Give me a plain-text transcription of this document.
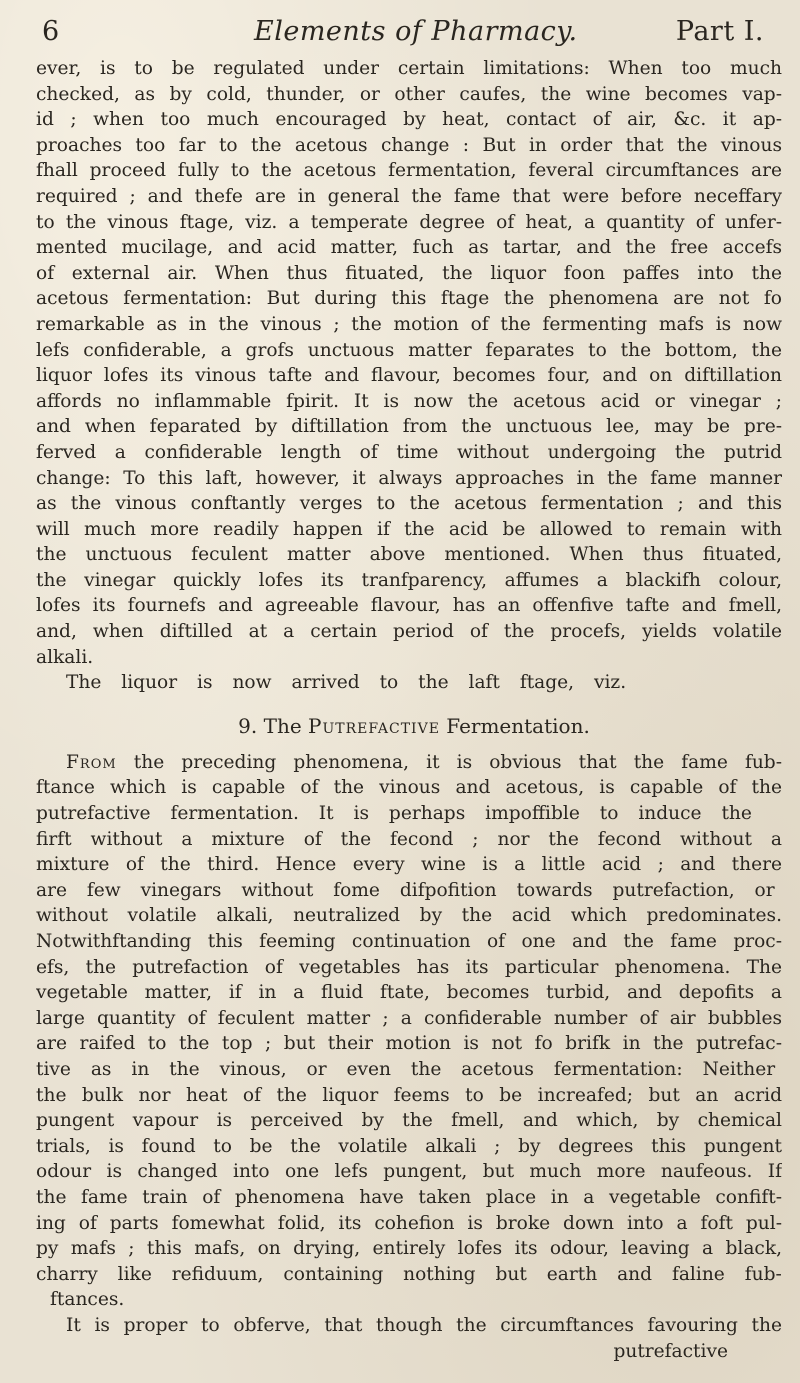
6	Elements of Pharmacy.	Part I.
ever, is to be regulated under certain limitations: When too much
checked, as by cold, thunder, or other caufes, the wine becomes vap-
id ; when too much encouraged by heat, contact of air, &c. it ap-
proaches too far to the acetous change : But in order that the vinous
fhall proceed fully to the acetous fermentation, feveral circumftances are
required ; and thefe are in general the fame that were before neceffary
to the vinous ftage, viz. a temperate degree of heat, a quantity of unfer-
mented mucilage, and acid matter, fuch as tartar, and the free accefs
of external air. When thus fituated, the liquor foon paffes into the
acetous fermentation: But during this ftage the phenomena are not fo
remarkable as in the vinous ; the motion of the fermenting mafs is now
lefs confiderable, a grofs unctuous matter feparates to the bottom, the
liquor lofes its vinous tafte and flavour, becomes four, and on diftillation
affords no inflammable fpirit. It is now the acetous acid or vinegar ;
and when feparated by diftillation from the unctuous lee, may be pre-
ferved a confiderable length of time without undergoing the putrid
change: To this laft, however, it always approaches in the fame manner
as the vinous conftantly verges to the acetous fermentation ; and this
will much more readily happen if the acid be allowed to remain with
the unctuous feculent matter above mentioned. When thus fituated,
the vinegar quickly lofes its tranfparency, affumes a blackifh colour,
lofes its fournefs and agreeable flavour, has an offenfive tafte and fmell,
and, when diftilled at a certain period of the procefs, yields volatile
alkali.
The liquor is now arrived to the laft ftage, viz.
9. The Putrefactive Fermentation.
From the preceding phenomena, it is obvious that the fame fub-
ftance which is capable of the vinous and acetous, is capable of the
putrefactive fermentation. It is perhaps impoffible to induce the
firft without a mixture of the fecond ; nor the fecond without a
mixture of the third. Hence every wine is a little acid ; and there
are few vinegars without fome difpofition towards putrefaction, or
without volatile alkali, neutralized by the acid which predominates.
Notwithftanding this feeming continuation of one and the fame proc-
efs, the putrefaction of vegetables has its particular phenomena. The
vegetable matter, if in a fluid ftate, becomes turbid, and depofits a
large quantity of feculent matter ; a confiderable number of air bubbles
are raifed to the top ; but their motion is not fo brifk in the putrefac-
tive as in the vinous, or even the acetous fermentation: Neither
the bulk nor heat of the liquor feems to be increafed; but an acrid
pungent vapour is perceived by the fmell, and which, by chemical
trials, is found to be the volatile alkali ; by degrees this pungent
odour is changed into one lefs pungent, but much more naufeous. If
the fame train of phenomena have taken place in a vegetable confift-
ing of parts fomewhat folid, its cohefion is broke down into a foft pul-
py mafs ; this mafs, on drying, entirely lofes its odour, leaving a black,
charry like refiduum, containing nothing but earth and faline fub-
ftances.
It is proper to obferve, that though the circumftances favouring the
putrefactive
